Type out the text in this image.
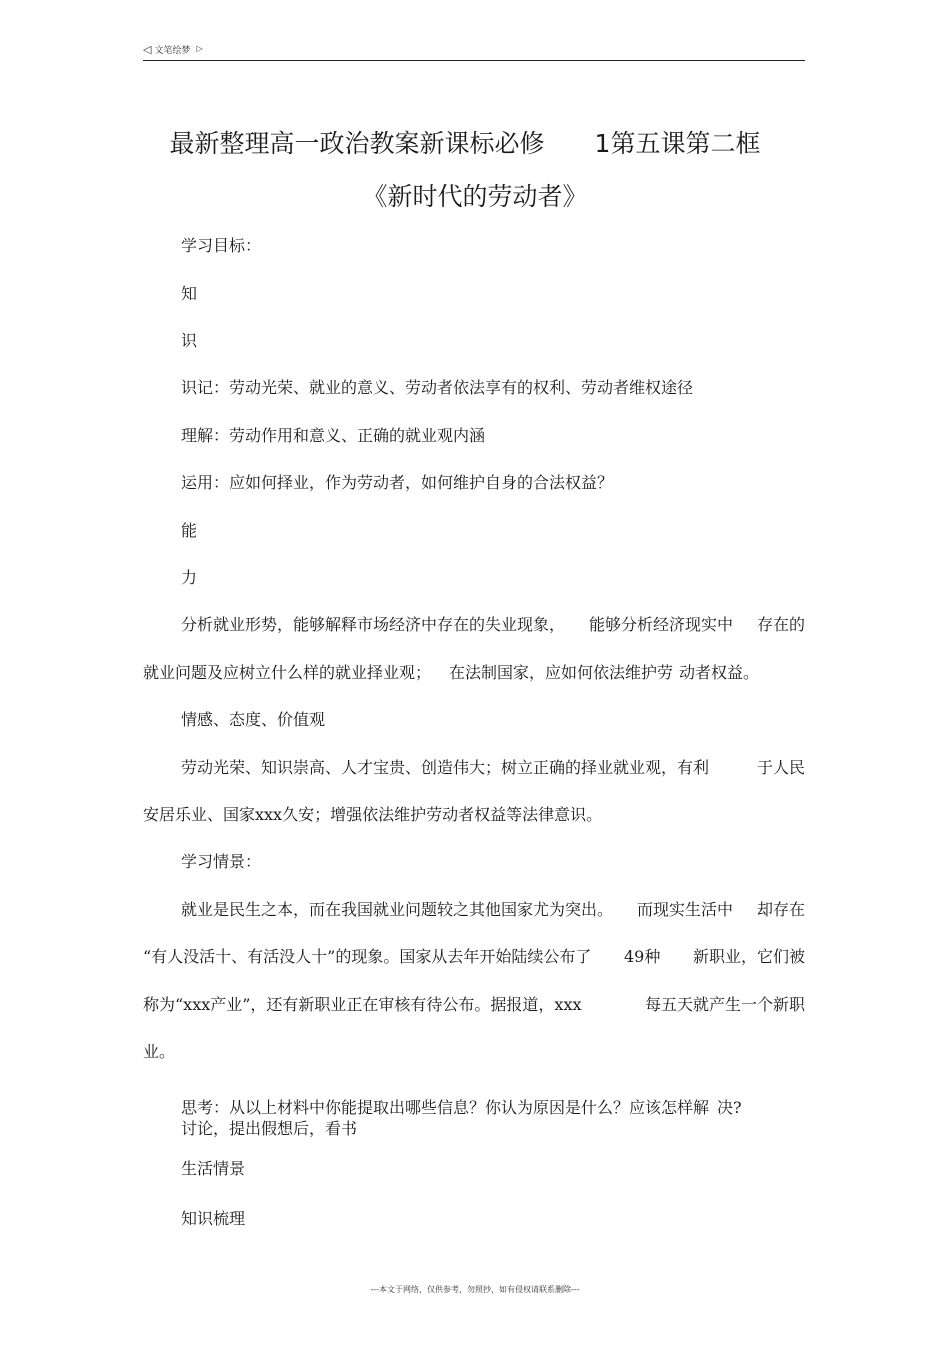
◁ 文笔绘梦 ▷
最新整理高一政治教案新课标必修 1第五课第二框
《新时代的劳动者》
学习目标：
知
识
识记：劳动光荣、就业的意义、劳动者依法享有的权利、劳动者维权途径
理解：劳动作用和意义、正确的就业观内涵
运用：应如何择业，作为劳动者，如何维护自身的合法权益？
能
力
分析就业形势，能够解释市场经济中存在的失业现象， 能够分析经济现实中 存在的
就业问题及应树立什么样的就业择业观； 在法制国家，应如何依法维护劳 动者权益。
情感、态度、价值观
劳动光荣、知识崇高、人才宝贵、创造伟大；树立正确的择业就业观，有利	于人民
安居乐业、国家xxx久安；增强依法维护劳动者权益等法律意识。
学习情景：
就业是民生之本，而在我国就业问题较之其他国家尤为突出。 而现实生活中 却存在
“有人没活十、有活没人十”的现象。国家从去年开始陆续公布了 49种 新职业，它们被
称为“xxx产业”，还有新职业正在审核有待公布。据报道，xxx	每五天就产生一个新职
业。
思考：从以上材料中你能提取出哪些信息？你认为原因是什么？应该怎样解 决?
讨论，提出假想后，看书
生活情景
知识梳理
---本文于网络，仅供参考，勿照抄，如有侵权请联系删除---
